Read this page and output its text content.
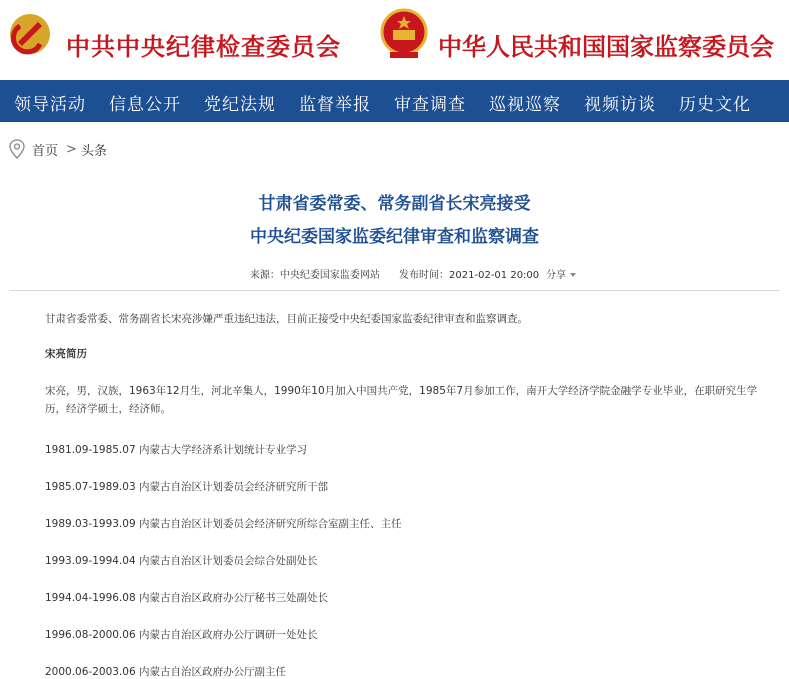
中共中央纪律检查委员会	中华人民共和国国家监察委员会
领导活动 信息公开 党纪法规 监督举报 审查调查 巡视巡察 视频访谈 历史文化
首页 > 头条
甘肃省委常委、常务副省长宋亮接受
中央纪委国家监委纪律审查和监察调查
来源：中央纪委国家监委网站 发布时间：2021-02-01 20:00 分享

甘肃省委常委、常务副省长宋亮涉嫌严重违纪违法，目前正接受中央纪委国家监委纪律审查和监察调查。

宋亮简历

宋亮，男，汉族，1963年12月生，河北辛集人，1990年10月加入中国共产党，1985年7月参加工作，南开大学经济学院金融学专业毕业，在职研究生学历，经济学硕士，经济师。

1981.09-1985.07 内蒙古大学经济系计划统计专业学习

1985.07-1989.03 内蒙古自治区计划委员会经济研究所干部

1989.03-1993.09 内蒙古自治区计划委员会经济研究所综合室副主任、主任

1993.09-1994.04 内蒙古自治区计划委员会综合处副处长

1994.04-1996.08 内蒙古自治区政府办公厅秘书三处副处长

1996.08-2000.06 内蒙古自治区政府办公厅调研一处处长

2000.06-2003.06 内蒙古自治区政府办公厅副主任
